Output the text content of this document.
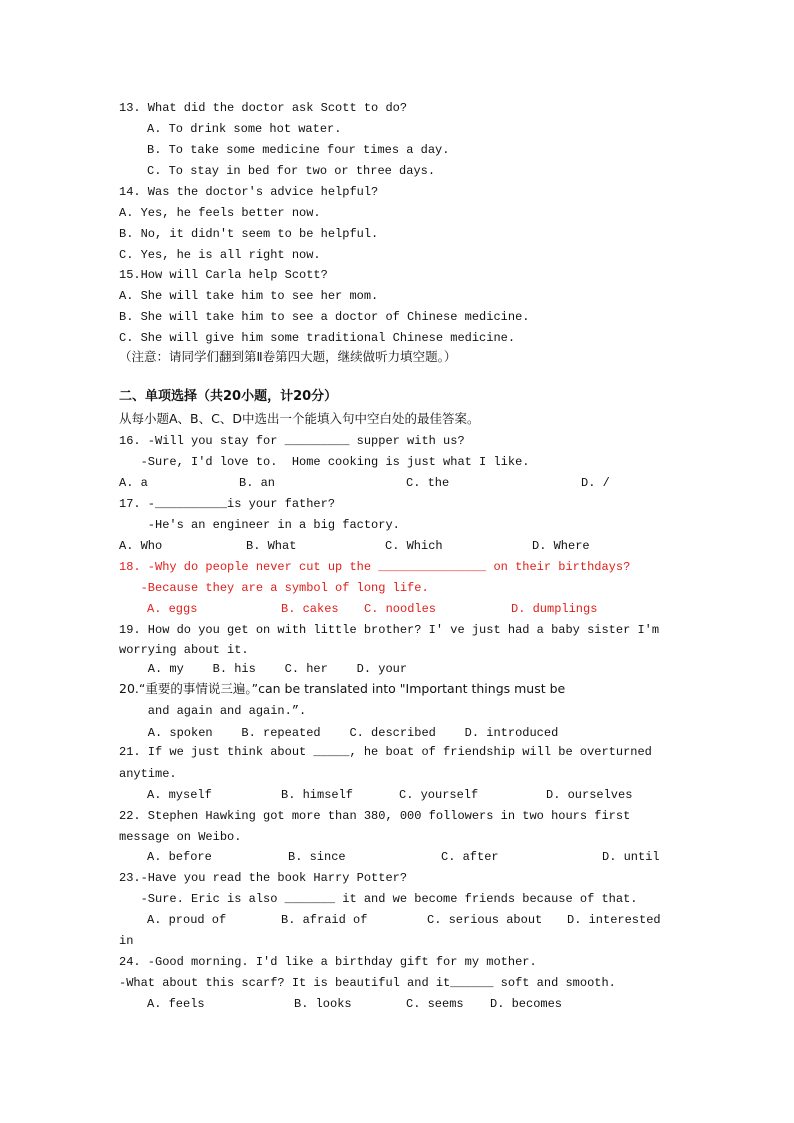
13. What did the doctor ask Scott to do?
A. To drink some hot water.
B. To take some medicine four times a day.
C. To stay in bed for two or three days.
14. Was the doctor's advice helpful?
A. Yes, he feels better now.
B. No, it didn't seem to be helpful.
C. Yes, he is all right now.
15.How will Carla help Scott?
A. She will take him to see her mom.
B. She will take him to see a doctor of Chinese medicine.
C. She will give him some traditional Chinese medicine.
（注意：请同学们翻到第Ⅱ卷第四大题，继续做听力填空题。）
二、单项选择（共20小题，计20分）
从每小题A、B、C、D中选出一个能填入句中空白处的最佳答案。
16. -Will you stay for _________ supper with us?
-Sure, I'd love to.  Home cooking is just what I like.
A. a	B. an	C. the	D. /
17. -__________is your father?
-He's an engineer in a big factory.
A. Who	B. What	C. Which	D. Where
18. -Why do people never cut up the _______________ on their birthdays?
-Because they are a symbol of long life.
A. eggs	B. cakes C. noodles	D. dumplings
19. How do you get on with little brother? I' ve just had a baby sister I'm
worrying about it.
A. my    B. his    C. her    D. your
20.“重要的事情说三遍。”can be translated into "Important things must be
and again and again.”.
A. spoken    B. repeated    C. described    D. introduced
21. If we just think about _____, he boat of friendship will be overturned
anytime.
A. myself	B. himself	C. yourself	D. ourselves
22. Stephen Hawking got more than 380, 000 followers in two hours first
message on Weibo.
A. before	B. since	C. after	D. until
23.-Have you read the book Harry Potter?
-Sure. Eric is also _______ it and we become friends because of that.
A. proud of	B. afraid of	C. serious about D. interested
in
24. -Good morning. I'd like a birthday gift for my mother.
-What about this scarf? It is beautiful and it______ soft and smooth.
A. feels	B. looks	C. seems D. becomes
